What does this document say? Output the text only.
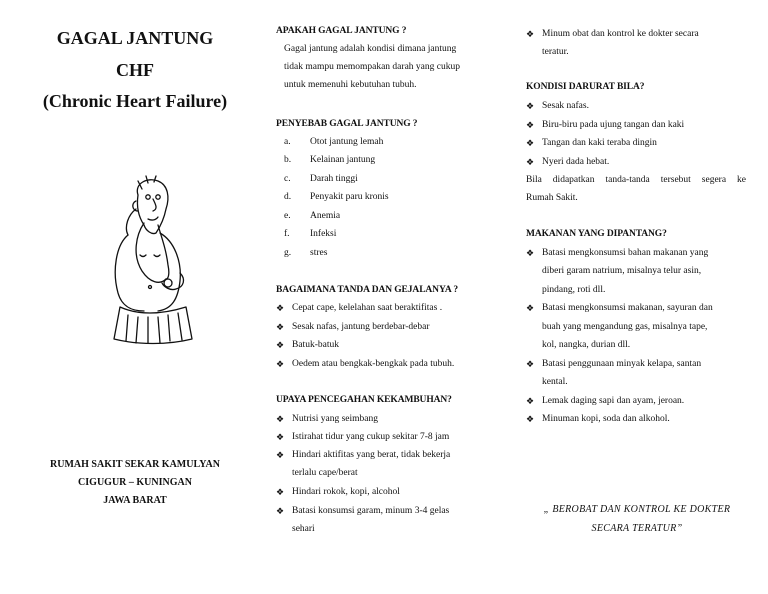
GAGAL JANTUNG
CHF
(Chronic Heart Failure)
RUMAH SAKIT SEKAR KAMULYAN
CIGUGUR – KUNINGAN
JAWA BARAT
APAKAH GAGAL JANTUNG ?
Gagal jantung adalah kondisi dimana jantung
tidak mampu memompakan darah yang cukup
untuk memenuhi kebutuhan tubuh.
PENYEBAB GAGAL JANTUNG ?
a.	Otot jantung lemah
b.	Kelainan jantung
c.	Darah tinggi
d.	Penyakit paru kronis
e.	Anemia
f.	Infeksi
g.	stres
BAGAIMANA TANDA DAN GEJALANYA ?
❖ Cepat cape, kelelahan saat beraktifitas .
❖ Sesak nafas, jantung berdebar-debar
❖ Batuk-batuk
❖ Oedem atau bengkak-bengkak pada tubuh.
UPAYA PENCEGAHAN KEKAMBUHAN?
❖ Nutrisi yang seimbang
❖ Istirahat tidur yang cukup sekitar 7-8 jam
❖ Hindari aktifitas yang berat, tidak bekerja
terlalu cape/berat
❖ Hindari rokok, kopi, alcohol
❖ Batasi konsumsi garam, minum 3-4 gelas
sehari
❖ Minum obat dan kontrol ke dokter secara
teratur.
KONDISI DARURAT BILA?
❖ Sesak nafas.
❖ Biru-biru pada ujung tangan dan kaki
❖ Tangan dan kaki teraba dingin
❖ Nyeri dada hebat.
Bila didapatkan tanda-tanda tersebut segera ke
Rumah Sakit.
MAKANAN YANG DIPANTANG?
❖ Batasi mengkonsumsi bahan makanan yang
diberi garam natrium, misalnya telur asin,
pindang, roti dll.
❖ Batasi mengkonsumsi makanan, sayuran dan
buah yang mengandung gas, misalnya tape,
kol, nangka, durian dll.
❖ Batasi penggunaan minyak kelapa, santan
kental.
❖ Lemak daging sapi dan ayam, jeroan.
❖ Minuman kopi, soda dan alkohol.
„ BEROBAT DAN KONTROL KE DOKTER
SECARA TERATUR”
